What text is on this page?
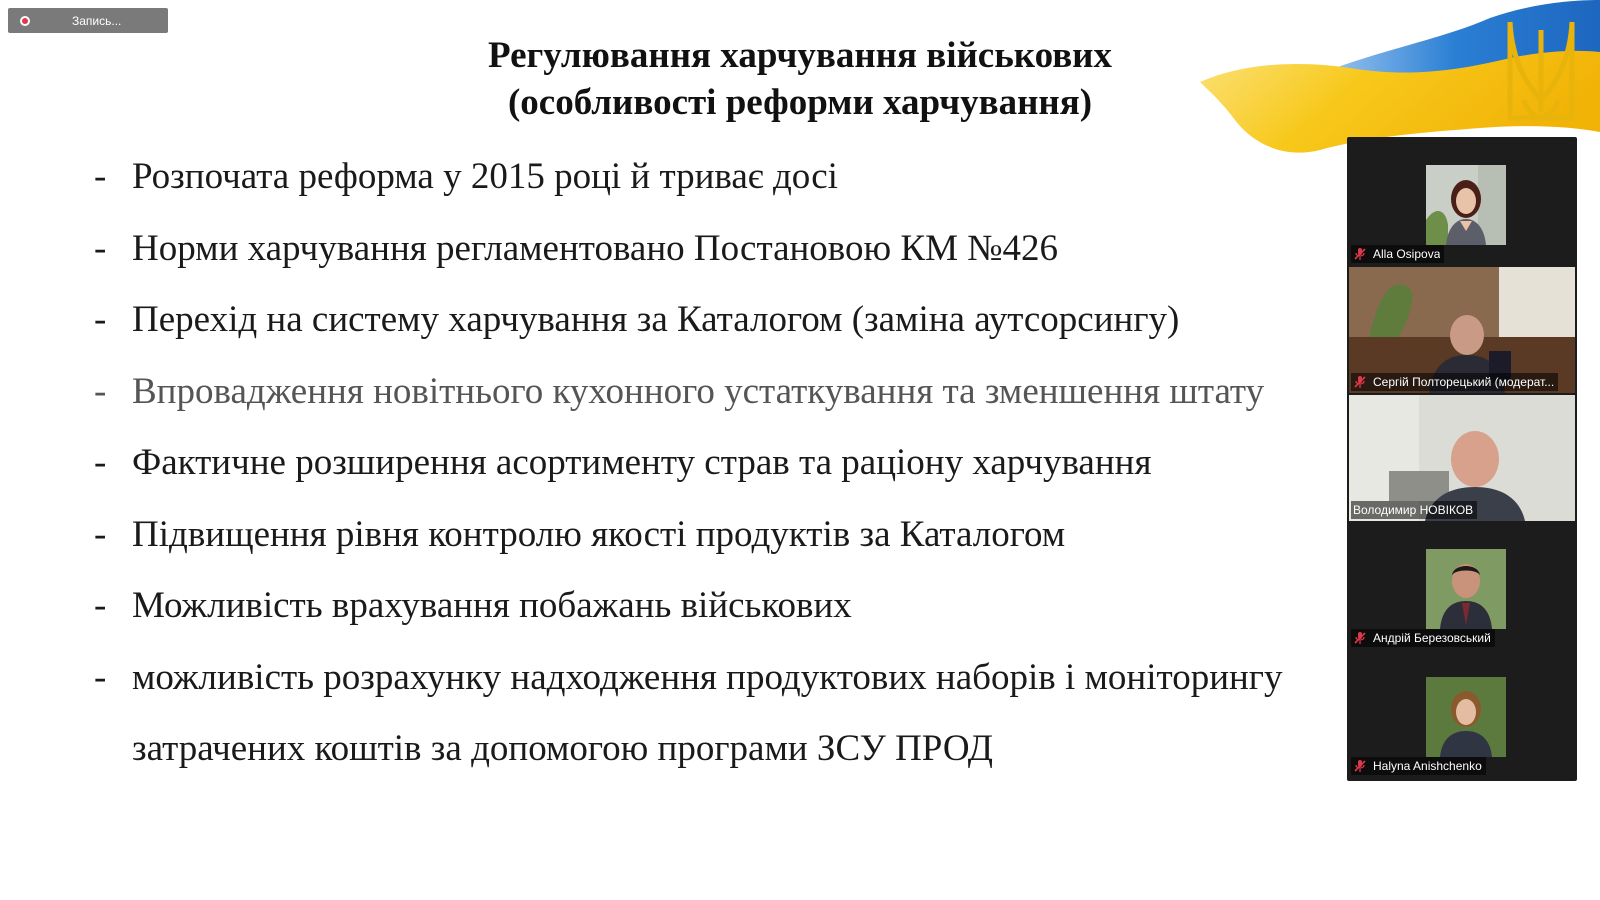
Запись...
Регулювання харчування військових
(особливості реформи харчування)
- Розпочата реформа у 2015 році й триває досі
- Норми харчування регламентовано Постановою КМ №426
- Перехід на систему харчування за Каталогом (заміна аутсорсингу)
- Впровадження новітнього кухонного устаткування та зменшення штату
- Фактичне розширення асортименту страв та раціону харчування
- Підвищення рівня контролю якості продуктів за Каталогом
- Можливість врахування побажань військових
- можливість розрахунку надходження продуктових наборів і моніторингу
затрачених коштів за допомогою програми ЗСУ ПРОД
Alla Osipova
Сергій Полторецький (модерат...
Володимир НОВІКОВ
Андрій Березовський
Halyna Anishchenko
